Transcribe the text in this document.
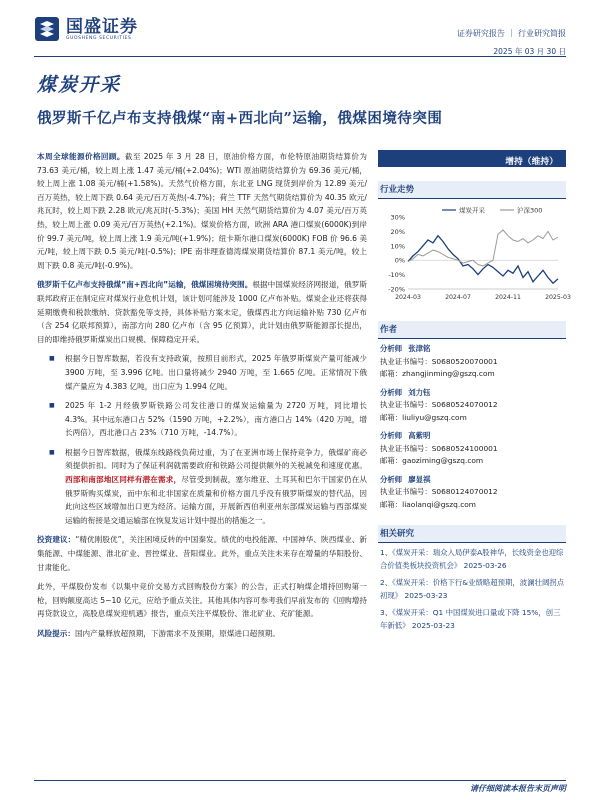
国盛证券
GUOSHENG SECURITIES	证券研究报告 ｜ 行业研究简报
2025 年 03 月 30 日
煤炭开采
俄罗斯千亿卢布支持俄煤“南+西北向”运输，俄煤困境待突围

本周全球能源价格回顾。截至 2025 年 3 月 28 日，原油价格方面，布伦特原油期货结算价为 73.63 美元/桶，较上周上涨 1.47 美元/桶(+2.04%)；WTI 原油期货结算价为 69.36 美元/桶，较上周上涨 1.08 美元/桶(+1.58%)。天然气价格方面，东北亚 LNG 现货到岸价为 12.89 美元/百万英热，较上周下跌 0.64 美元/百万英热(-4.7%)；荷兰 TTF 天然气期货结算价为 40.35 欧元/兆瓦时，较上周下跌 2.28 欧元/兆瓦时(-5.3%)；美国 HH 天然气期货结算价为 4.07 美元/百万英热，较上周上涨 0.09 美元/百万英热(+2.1%)。煤炭价格方面，欧洲 ARA 港口煤炭(6000K)到岸价 99.7 美元/吨，较上周上涨 1.9 美元/吨(+1.9%)；纽卡斯尔港口煤炭(6000K) FOB 价 96.6 美元/吨，较上周下跌 0.5 美元/吨(-0.5%)；IPE 南非理查德湾煤炭期货结算价 87.1 美元/吨，较上周下跌 0.8 美元/吨(-0.9%)。

俄罗斯千亿卢布支持俄煤“南+西北向”运输，俄煤困境待突围。根据中国煤炭经济网报道，俄罗斯联邦政府正在制定应对煤炭行业危机计划，该计划可能涉及 1000 亿卢布补贴。煤炭企业还将获得延期缴费和税款缴纳、贷款豁免等支持，具体补贴方案未定，俄煤西北方向运输补贴 730 亿卢布（含 254 亿联邦预算），南部方向 280 亿卢布（含 95 亿预算），此计划由俄罗斯能源部长提出，目的即维持俄罗斯煤炭出口规模、保障稳定开采。

■ 根据今日智库数据，若没有支持政策，按照目前形式，2025 年俄罗斯煤炭产量可能减少 3900 万吨，至 3.996 亿吨。出口量将减少 2940 万吨，至 1.665 亿吨。正常情况下俄煤产量应为 4.383 亿吨，出口应为 1.994 亿吨。
■ 2025 年 1-2 月经俄罗斯铁路公司发往港口的煤炭运输量为 2720 万吨，同比增长 4.3%。其中远东港口占 52%（1590 万吨，+2.2%），南方港口占 14%（420 万吨，增长两倍），西北港口占 23%（710 万吨，-14.7%）。
■ 根据今日智库数据，俄煤东线路线负荷过重，为了在亚洲市场上保持竞争力，俄煤矿商必须提供折扣。同时为了保证利润就需要政府和铁路公司提供额外的关税减免和速度优惠。西部和南部地区同样有潜在需求，尽管受到制裁，塞尔维亚、土耳其和巴尔干国家仍在从俄罗斯购买煤炭，而中东和北非国家在质量和价格方面几乎没有俄罗斯煤炭的替代品，因此向这些区域增加出口更为经济。运输方面，开展新西伯利亚州东部煤炭运输与西部煤炭运输的衔接是交通运输部在恢复发运计划中提出的措施之一。

投资建议：“精优刚股优”，关注困境反转的中国秦发。绩优的电投能源、中国神华、陕西煤业、新集能源、中煤能源、淮北矿业、晋控煤业、昔阳煤业。此外，重点关注未来存在增量的华阳股份、甘肃能化。

此外，平煤股份发布《以集中竞价交易方式回购股份方案》的公告，正式打响煤企增持回购第一枪，回购额度高达 5~10 亿元，应给予重点关注。其他具体内容可参考我们早前发布的《回购增持再贷款设立，高股息煤炭迎机遇》报告，重点关注平煤股份、淮北矿业、充矿能源。

风险提示：国内产量释放超预期，下游需求不及预期，原煤进口超预期。

增持（维持）
行业走势
30%
20%
10%
0%
-10%
-20%
2024-03	2024-07	2024-11	2025-03
煤炭开采	沪深300
作者
分析师 张津铭
执业证书编号：S0680520070001
邮箱：zhangjinming@gszq.com
分析师 刘力钰
执业证书编号：S0680524070012
邮箱：liuliyu@gszq.com
分析师 高紫明
执业证书编号：S0680524100001
邮箱：gaoziming@gszq.com
分析师 廖显祺
执业证书编号：S0680124070012
邮箱：liaolanqi@gszq.com
相关研究
1、《煤炭开采：瑞众入局伊泰A股神华，长线资金也迎综合价值类板块投资机会》 2025-03-26
2、《煤炭开采：价格下行&业绩略超预期，波澜壮阔拐点初现》 2025-03-23
3、《煤炭开采：Q1 中国煤炭进口量或下降 15%，创三年新低》 2025-03-23
请仔细阅读本报告末页声明
